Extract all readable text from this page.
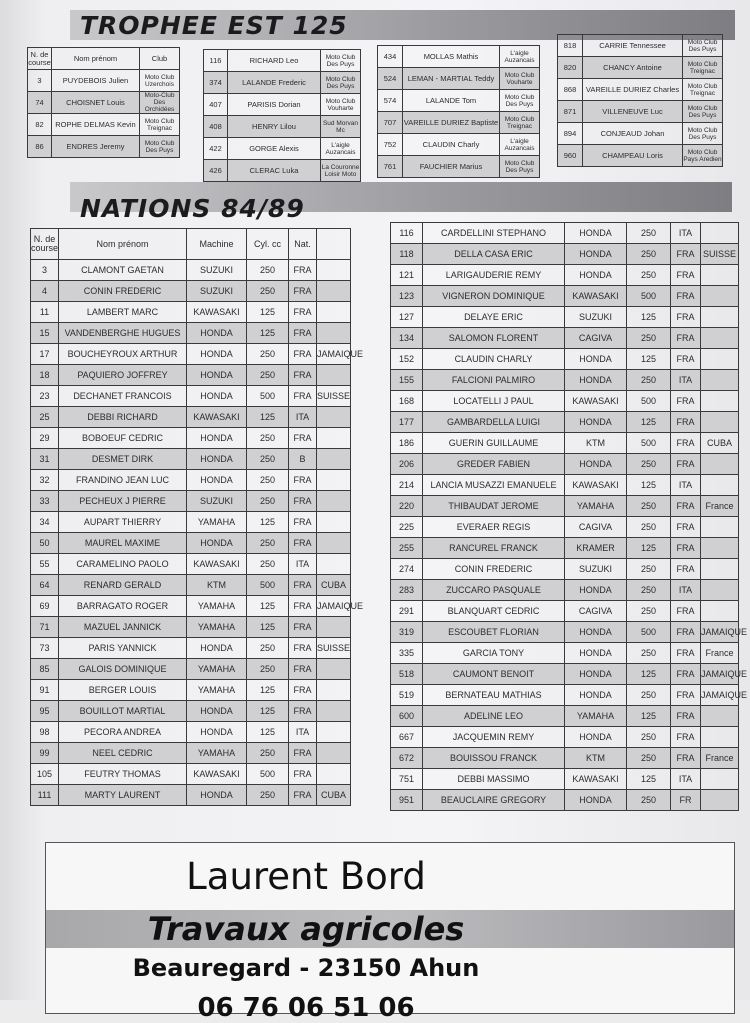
TROPHEE EST 125
N. de course	Nom prénom	Club
3	PUYDEBOIS Julien	Moto Club Uzerchois
74	CHOISNET Louis	Moto-Club Des Orchidées
82	ROPHE DELMAS Kevin	Moto Club Treignac
86	ENDRES Jeremy	Moto Club Des Puys
116	RICHARD Leo	Moto Club Des Puys
374	LALANDE Frederic	Moto Club Des Puys
407	PARISIS Dorian	Moto Club Vouharte
408	HENRY Lilou	Sud Morvan Mc
422	GORGE Alexis	L'aigle Auzancais
426	CLERAC Luka	La Couronne Loisir Moto
434	MOLLAS Mathis	L'aigle Auzancais
524	LEMAN - MARTIAL Teddy	Moto Club Vouharte
574	LALANDE Tom	Moto Club Des Puys
707	VAREILLE DURIEZ Baptiste	Moto Club Treignac
752	CLAUDIN Charly	L'aigle Auzancais
761	FAUCHIER Marius	Moto Club Des Puys
818	CARRIE Tennessee	Moto Club Des Puys
820	CHANCY Antoine	Moto Club Treignac
868	VAREILLE DURIEZ Charles	Moto Club Treignac
871	VILLENEUVE Luc	Moto Club Des Puys
894	CONJEAUD Johan	Moto Club Des Puys
960	CHAMPEAU Loris	Moto Club Pays Aredien
NATIONS 84/89
N. de course	Nom prénom	Machine	Cyl. cc	Nat.	
3	CLAMONT GAETAN	SUZUKI	250	FRA	
4	CONIN FREDERIC	SUZUKI	250	FRA	
11	LAMBERT MARC	KAWASAKI	125	FRA	
15	VANDENBERGHE HUGUES	HONDA	125	FRA	
17	BOUCHEYROUX ARTHUR	HONDA	250	FRA	JAMAIQUE
18	PAQUIERO JOFFREY	HONDA	250	FRA	
23	DECHANET FRANCOIS	HONDA	500	FRA	SUISSE
25	DEBBI RICHARD	KAWASAKI	125	ITA	
29	BOBOEUF CEDRIC	HONDA	250	FRA	
31	DESMET DIRK	HONDA	250	B	
32	FRANDINO JEAN LUC	HONDA	250	FRA	
33	PECHEUX J PIERRE	SUZUKI	250	FRA	
34	AUPART THIERRY	YAMAHA	125	FRA	
50	MAUREL MAXIME	HONDA	250	FRA	
55	CARAMELINO PAOLO	KAWASAKI	250	ITA	
64	RENARD GERALD	KTM	500	FRA	CUBA
69	BARRAGATO ROGER	YAMAHA	125	FRA	JAMAIQUE
71	MAZUEL JANNICK	YAMAHA	125	FRA	
73	PARIS YANNICK	HONDA	250	FRA	SUISSE
85	GALOIS DOMINIQUE	YAMAHA	250	FRA	
91	BERGER LOUIS	YAMAHA	125	FRA	
95	BOUILLOT MARTIAL	HONDA	125	FRA	
98	PECORA ANDREA	HONDA	125	ITA	
99	NEEL CEDRIC	YAMAHA	250	FRA	
105	FEUTRY THOMAS	KAWASAKI	500	FRA	
111	MARTY LAURENT	HONDA	250	FRA	CUBA
116	CARDELLINI STEPHANO	HONDA	250	ITA	
118	DELLA CASA ERIC	HONDA	250	FRA	SUISSE
121	LARIGAUDERIE REMY	HONDA	250	FRA	
123	VIGNERON DOMINIQUE	KAWASAKI	500	FRA	
127	DELAYE ERIC	SUZUKI	125	FRA	
134	SALOMON FLORENT	CAGIVA	250	FRA	
152	CLAUDIN CHARLY	HONDA	125	FRA	
155	FALCIONI PALMIRO	HONDA	250	ITA	
168	LOCATELLI J PAUL	KAWASAKI	500	FRA	
177	GAMBARDELLA LUIGI	HONDA	125	FRA	
186	GUERIN GUILLAUME	KTM	500	FRA	CUBA
206	GREDER FABIEN	HONDA	250	FRA	
214	LANCIA MUSAZZI EMANUELE	KAWASAKI	125	ITA	
220	THIBAUDAT JEROME	YAMAHA	250	FRA	France
225	EVERAER REGIS	CAGIVA	250	FRA	
255	RANCUREL FRANCK	KRAMER	125	FRA	
274	CONIN FREDERIC	SUZUKI	250	FRA	
283	ZUCCARO PASQUALE	HONDA	250	ITA	
291	BLANQUART CEDRIC	CAGIVA	250	FRA	
319	ESCOUBET FLORIAN	HONDA	500	FRA	JAMAIQUE
335	GARCIA TONY	HONDA	250	FRA	France
518	CAUMONT BENOIT	HONDA	125	FRA	JAMAIQUE
519	BERNATEAU MATHIAS	HONDA	250	FRA	JAMAIQUE
600	ADELINE LEO	YAMAHA	125	FRA	
667	JACQUEMIN REMY	HONDA	250	FRA	
672	BOUISSOU FRANCK	KTM	250	FRA	France
751	DEBBI MASSIMO	KAWASAKI	125	ITA	
951	BEAUCLAIRE GREGORY	HONDA	250	FR	
Laurent Bord
Travaux agricoles
Beauregard - 23150 Ahun
06 76 06 51 06
